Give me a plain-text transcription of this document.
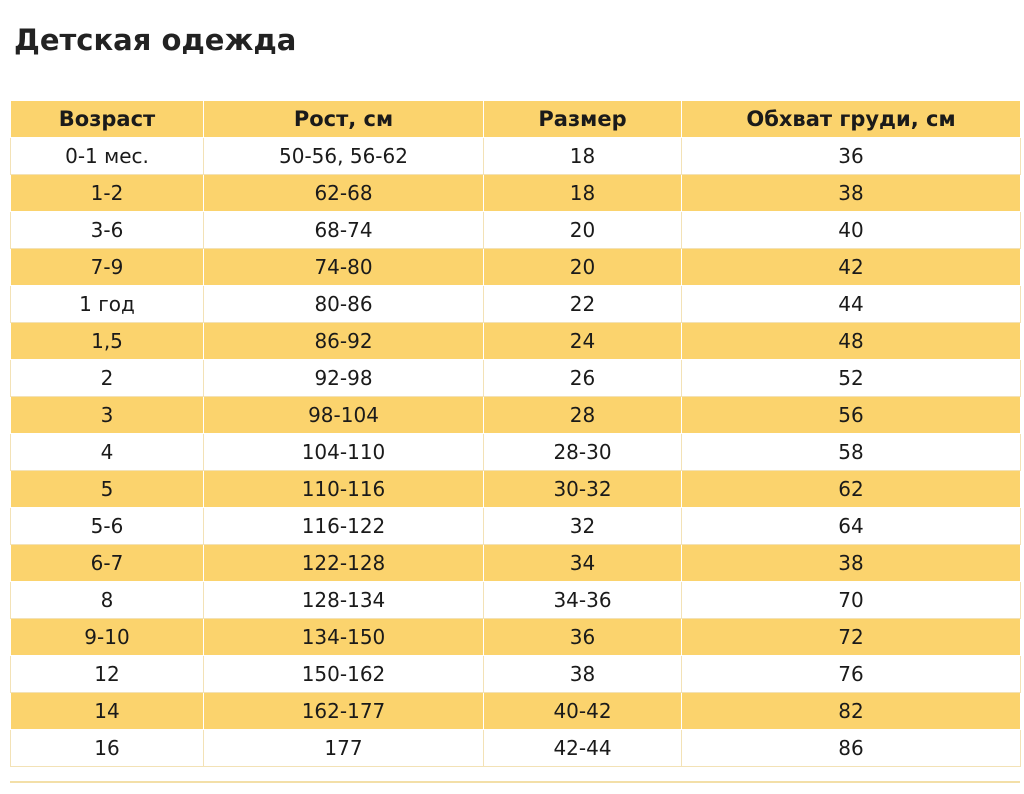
Детская одежда
Возраст	Рост, см	Размер	Обхват груди, см
0-1 мес.	50-56, 56-62	18	36
1-2	62-68	18	38
3-6	68-74	20	40
7-9	74-80	20	42
1 год	80-86	22	44
1,5	86-92	24	48
2	92-98	26	52
3	98-104	28	56
4	104-110	28-30	58
5	110-116	30-32	62
5-6	116-122	32	64
6-7	122-128	34	38
8	128-134	34-36	70
9-10	134-150	36	72
12	150-162	38	76
14	162-177	40-42	82
16	177	42-44	86
